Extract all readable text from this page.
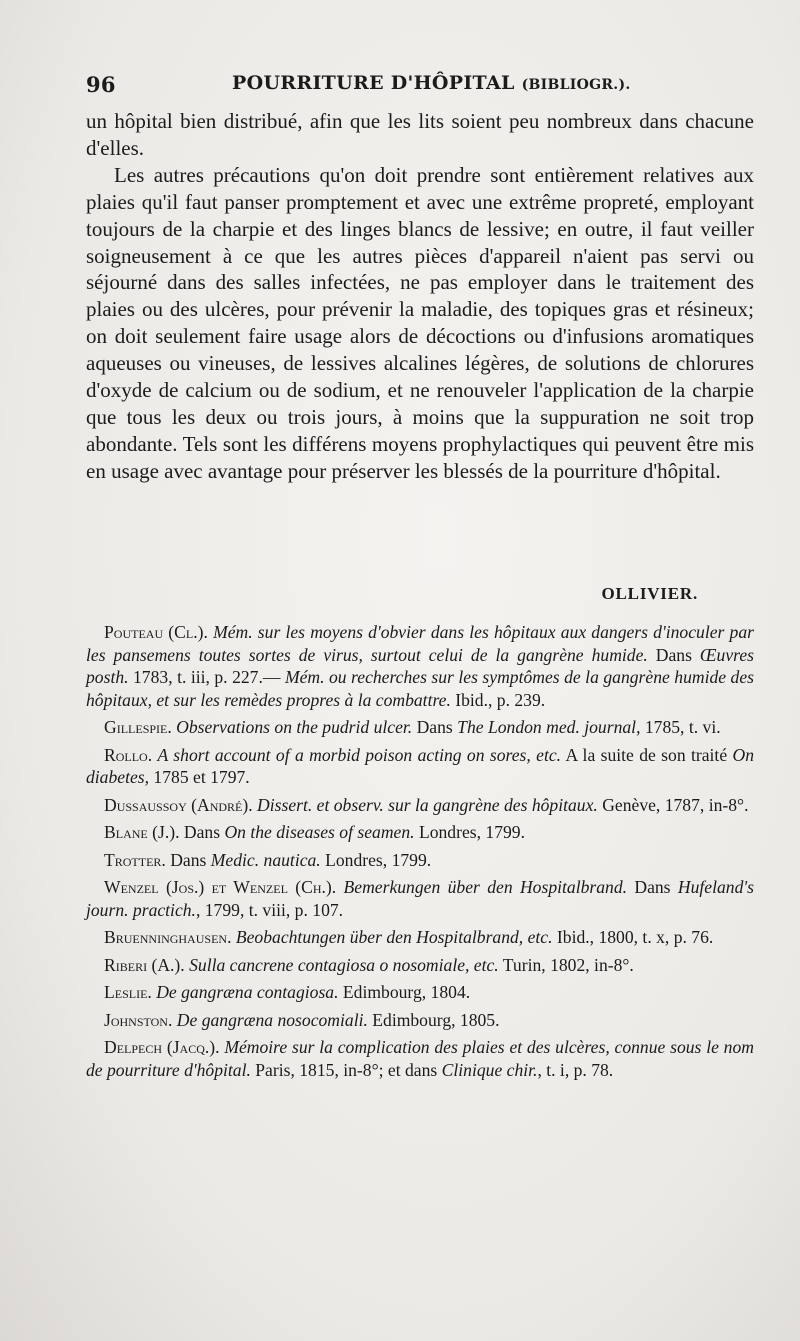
96	POURRITURE D'HÔPITAL (BIBLIOGR.).

un hôpital bien distribué, afin que les lits soient peu nombreux dans chacune d'elles.

Les autres précautions qu'on doit prendre sont entièrement relatives aux plaies qu'il faut panser promptement et avec une extrême propreté, employant toujours de la charpie et des linges blancs de lessive; en outre, il faut veiller soigneusement à ce que les autres pièces d'appareil n'aient pas servi ou séjourné dans des salles infectées, ne pas employer dans le traitement des plaies ou des ulcères, pour prévenir la maladie, des topiques gras et résineux; on doit seulement faire usage alors de décoctions ou d'infusions aromatiques aqueuses ou vineuses, de lessives alcalines légères, de solutions de chlorures d'oxyde de calcium ou de sodium, et ne renouveler l'application de la charpie que tous les deux ou trois jours, à moins que la suppuration ne soit trop abondante. Tels sont les différens moyens prophylactiques qui peuvent être mis en usage avec avantage pour préserver les blessés de la pourriture d'hôpital.

OLLIVIER.

Pouteau (Cl.). Mém. sur les moyens d'obvier dans les hôpitaux aux dangers d'inoculer par les pansemens toutes sortes de virus, surtout celui de la gangrène humide. Dans Œuvres posth. 1783, t. iii, p. 227.— Mém. ou recherches sur les symptômes de la gangrène humide des hôpitaux, et sur les remèdes propres à la combattre. Ibid., p. 239.

Gillespie. Observations on the pudrid ulcer. Dans The London med. journal, 1785, t. vi.

Rollo. A short account of a morbid poison acting on sores, etc. A la suite de son traité On diabetes, 1785 et 1797.

Dussaussoy (André). Dissert. et observ. sur la gangrène des hôpitaux. Genève, 1787, in-8°.

Blane (J.). Dans On the diseases of seamen. Londres, 1799.

Trotter. Dans Medic. nautica. Londres, 1799.

Wenzel (Jos.) et Wenzel (Ch.). Bemerkungen über den Hospitalbrand. Dans Hufeland's journ. practich., 1799, t. viii, p. 107.

Bruenninghausen. Beobachtungen über den Hospitalbrand, etc. Ibid., 1800, t. x, p. 76.

Riberi (A.). Sulla cancrene contagiosa o nosomiale, etc. Turin, 1802, in-8°.

Leslie. De gangræna contagiosa. Edimbourg, 1804.

Johnston. De gangræna nosocomiali. Edimbourg, 1805.

Delpech (Jacq.). Mémoire sur la complication des plaies et des ulcères, connue sous le nom de pourriture d'hôpital. Paris, 1815, in-8°; et dans Clinique chir., t. i, p. 78.
